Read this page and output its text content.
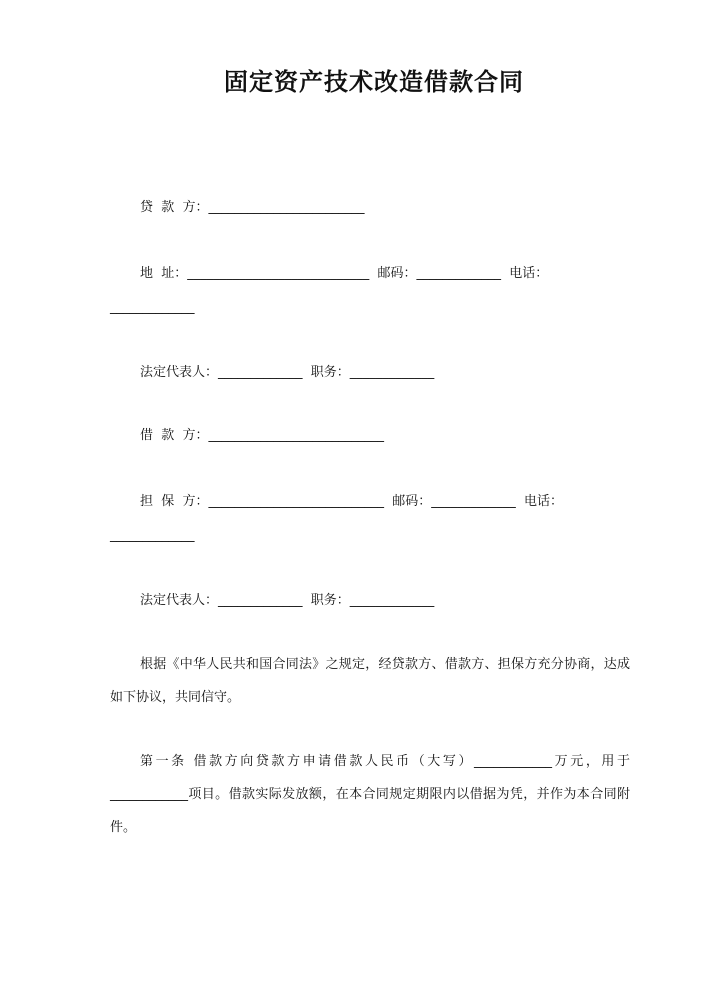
固定资产技术改造借款合同
贷  款  方：________________________
地  址：____________________________  邮码：_____________  电话：
_____________
法定代表人：_____________  职务：_____________
借  款  方：___________________________
担  保  方：___________________________  邮码：_____________  电话：
_____________
法定代表人：_____________  职务：_____________
根据《中华人民共和国合同法》之规定，经贷款方、借款方、担保方充分协商，达成如下协议，共同信守。
第一条 借款方向贷款方申请借款人民币（大写）____________万元，用于____________项目。借款实际发放额，在本合同规定期限内以借据为凭，并作为本合同附件。
